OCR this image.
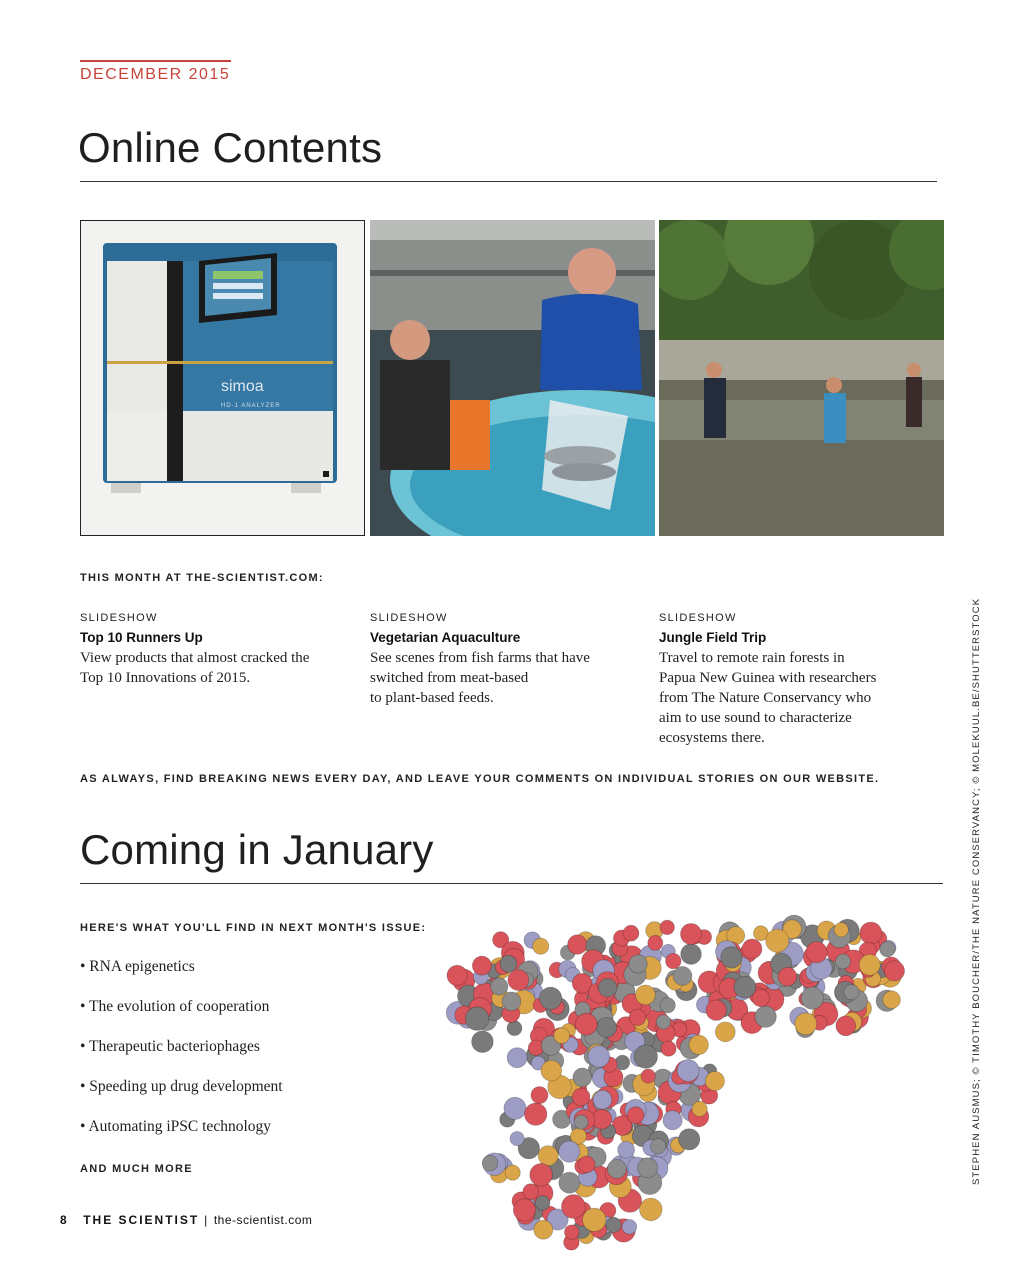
DECEMBER 2015
Online Contents
simoa
HD-1 ANALYZER
THIS MONTH AT THE-SCIENTIST.COM:
SLIDESHOW
Top 10 Runners Up
View products that almost cracked the
Top 10 Innovations of 2015.
SLIDESHOW
Vegetarian Aquaculture
See scenes from fish farms that have
switched from meat-based
to plant-based feeds.
SLIDESHOW
Jungle Field Trip
Travel to remote rain forests in
Papua New Guinea with researchers
from The Nature Conservancy who
aim to use sound to characterize
ecosystems there.
AS ALWAYS, FIND BREAKING NEWS EVERY DAY, AND LEAVE YOUR COMMENTS ON INDIVIDUAL STORIES ON OUR WEBSITE.
Coming in January
HERE'S WHAT YOU'LL FIND IN NEXT MONTH'S ISSUE:
• RNA epigenetics
• The evolution of cooperation
• Therapeutic bacteriophages
• Speeding up drug development
• Automating iPSC technology
AND MUCH MORE
8 THE SCIENTIST | the-scientist.com
STEPHEN AUSMUS; © TIMOTHY BOUCHER/THE NATURE CONSERVANCY; © MOLEKUUL.BE/SHUTTERSTOCK
